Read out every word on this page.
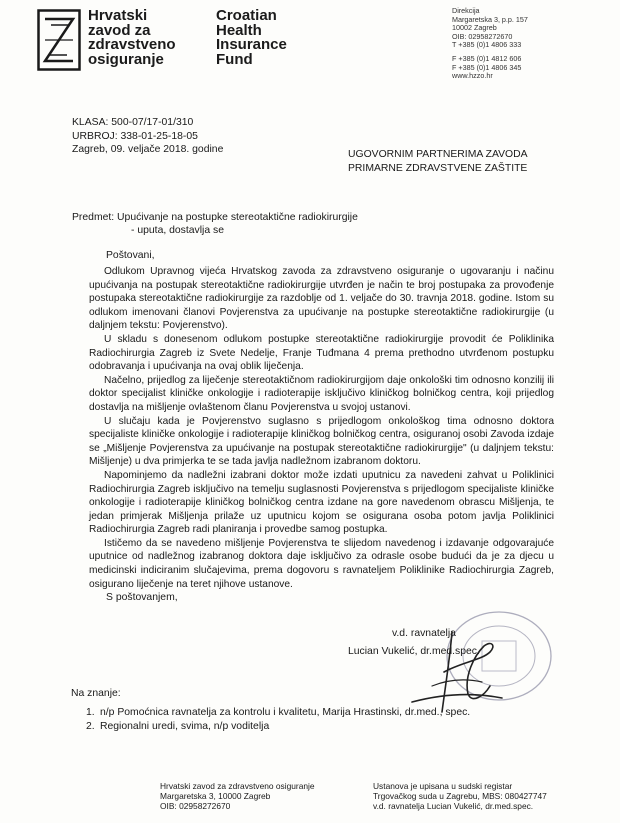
Hrvatski
zavod za
zdravstveno
osiguranje
Croatian
Health
Insurance
Fund
Direkcija
Margaretska 3, p.p. 157
10002 Zagreb
OIB: 02958272670
T +385 (0)1 4806 333
F +385 (0)1 4812 606
F +385 (0)1 4806 345
www.hzzo.hr
KLASA: 500-07/17-01/310
URBROJ: 338-01-25-18-05
Zagreb, 09. veljače 2018. godine	UGOVORNIM PARTNERIMA ZAVODA
PRIMARNE ZDRAVSTVENE ZAŠTITE
Predmet: Upućivanje na postupke stereotaktične radiokirurgije
- uputa, dostavlja se
Poštovani,

Odlukom Upravnog vijeća Hrvatskog zavoda za zdravstveno osiguranje o ugovaranju i načinu upućivanja na postupak stereotaktične radiokirurgije utvrđen je način te broj postupaka za provođenje postupaka stereotaktične radiokirurgije za razdoblje od 1. veljače do 30. travnja 2018. godine. Istom su odlukom imenovani članovi Povjerenstva za upućivanje na postupke stereotaktične radiokirurgije (u daljnjem tekstu: Povjerenstvo).

U skladu s donesenom odlukom postupke stereotaktične radiokirurgije provodit će Poliklinika Radiochirurgia Zagreb iz Svete Nedelje, Franje Tuđmana 4 prema prethodno utvrđenom postupku odobravanja i upućivanja na ovaj oblik liječenja.

Načelno, prijedlog za liječenje stereotaktičnom radiokirurgijom daje onkološki tim odnosno konzilij ili doktor specijalist kliničke onkologije i radioterapije isključivo kliničkog bolničkog centra, koji prijedlog dostavlja na mišljenje ovlaštenom članu Povjerenstva u svojoj ustanovi.

U slučaju kada je Povjerenstvo suglasno s prijedlogom onkološkog tima odnosno doktora specijaliste kliničke onkologije i radioterapije kliničkog bolničkog centra, osiguranoj osobi Zavoda izdaje se „Mišljenje Povjerenstva za upućivanje na postupak stereotaktične radiokirurgije" (u daljnjem tekstu: Mišljenje) u dva primjerka te se tada javlja nadležnom izabranom doktoru.

Napominjemo da nadležni izabrani doktor može izdati uputnicu za navedeni zahvat u Poliklinici Radiochirurgia Zagreb isključivo na temelju suglasnosti Povjerenstva s prijedlogom specijaliste kliničke onkologije i radioterapije kliničkog bolničkog centra izdane na gore navedenom obrascu Mišljenja, te jedan primjerak Mišljenja prilaže uz uputnicu kojom se osigurana osoba potom javlja Poliklinici Radiochirurgia Zagreb radi planiranja i provedbe samog postupka.

Ističemo da se navedeno mišljenje Povjerenstva te slijedom navedenog i izdavanje odgovarajuće uputnice od nadležnog izabranog doktora daje isključivo za odrasle osobe budući da je za djecu u medicinski indiciranim slučajevima, prema dogovoru s ravnateljem Poliklinike Radiochirurgia Zagreb, osigurano liječenje na teret njihove ustanove.

S poštovanjem,
v.d. ravnatelja
Lucian Vukelić, dr.med.spec.
Na znanje:
1. n/p Pomoćnica ravnatelja za kontrolu i kvalitetu, Marija Hrastinski, dr.med., spec.
2. Regionalni uredi, svima, n/p voditelja
Hrvatski zavod za zdravstveno osiguranje
Margaretska 3, 10000 Zagreb
OIB: 02958272670
Ustanova je upisana u sudski registar
Trgovačkog suda u Zagrebu, MBS: 080427747
v.d. ravnatelja Lucian Vukelić, dr.med.spec.
